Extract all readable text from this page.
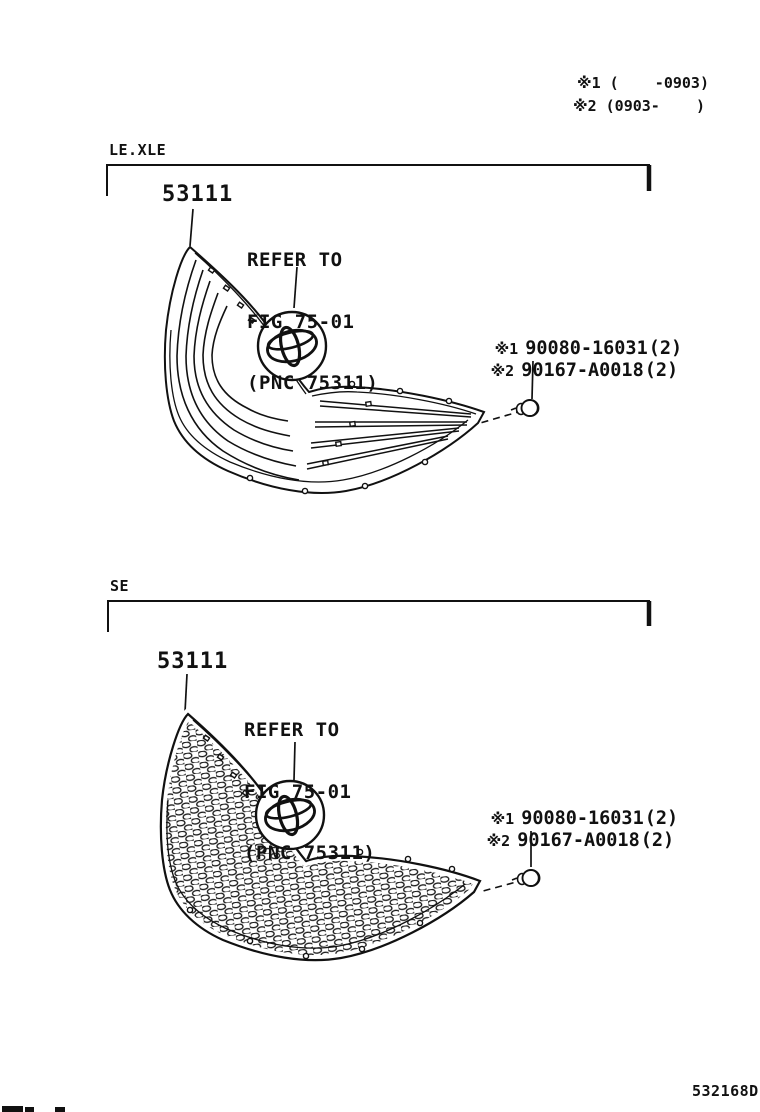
※1 (    -0903)
※2 (0903-    )
LE.XLE
53111

REFER TO

FIG 75-01

(PNC 75311)

※1 90080-16031(2)

※2 90167-A0018(2)

SE
53111

REFER TO

FIG 75-01

(PNC 75311)

※1 90080-16031(2)

※2 90167-A0018(2)

532168D
